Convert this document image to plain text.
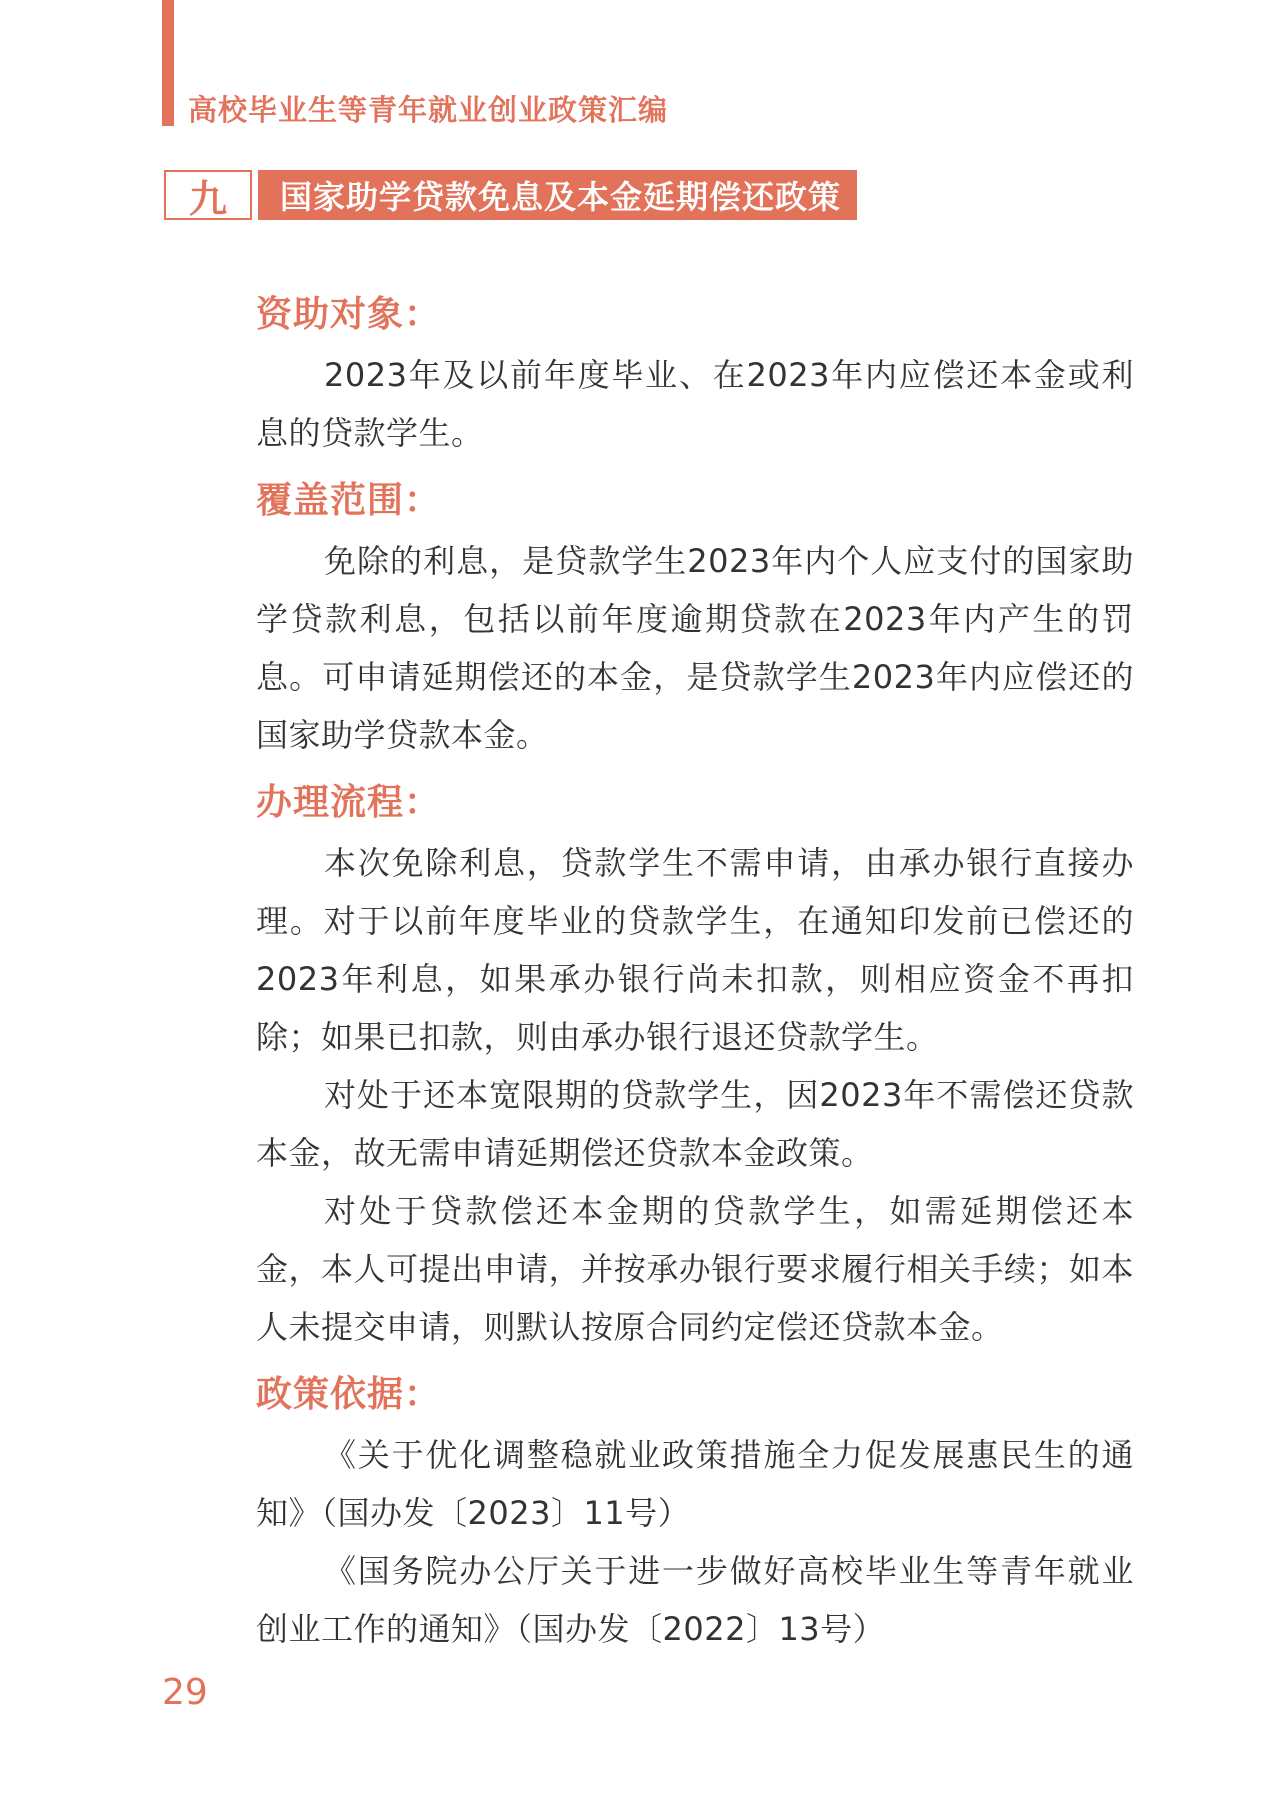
高校毕业生等青年就业创业政策汇编

九	国家助学贷款免息及本金延期偿还政策
资助对象：

2023年及以前年度毕业、在2023年内应偿还本金或利息的贷款学生。

覆盖范围：

免除的利息，是贷款学生2023年内个人应支付的国家助学贷款利息，包括以前年度逾期贷款在2023年内产生的罚息。可申请延期偿还的本金，是贷款学生2023年内应偿还的国家助学贷款本金。

办理流程：

本次免除利息，贷款学生不需申请，由承办银行直接办理。对于以前年度毕业的贷款学生，在通知印发前已偿还的2023年利息，如果承办银行尚未扣款，则相应资金不再扣除；如果已扣款，则由承办银行退还贷款学生。

对处于还本宽限期的贷款学生，因2023年不需偿还贷款本金，故无需申请延期偿还贷款本金政策。

对处于贷款偿还本金期的贷款学生，如需延期偿还本金，本人可提出申请，并按承办银行要求履行相关手续；如本人未提交申请，则默认按原合同约定偿还贷款本金。

政策依据：

《关于优化调整稳就业政策措施全力促发展惠民生的通知》（国办发〔2023〕11号）

《国务院办公厅关于进一步做好高校毕业生等青年就业创业工作的通知》（国办发〔2022〕13号）

29
